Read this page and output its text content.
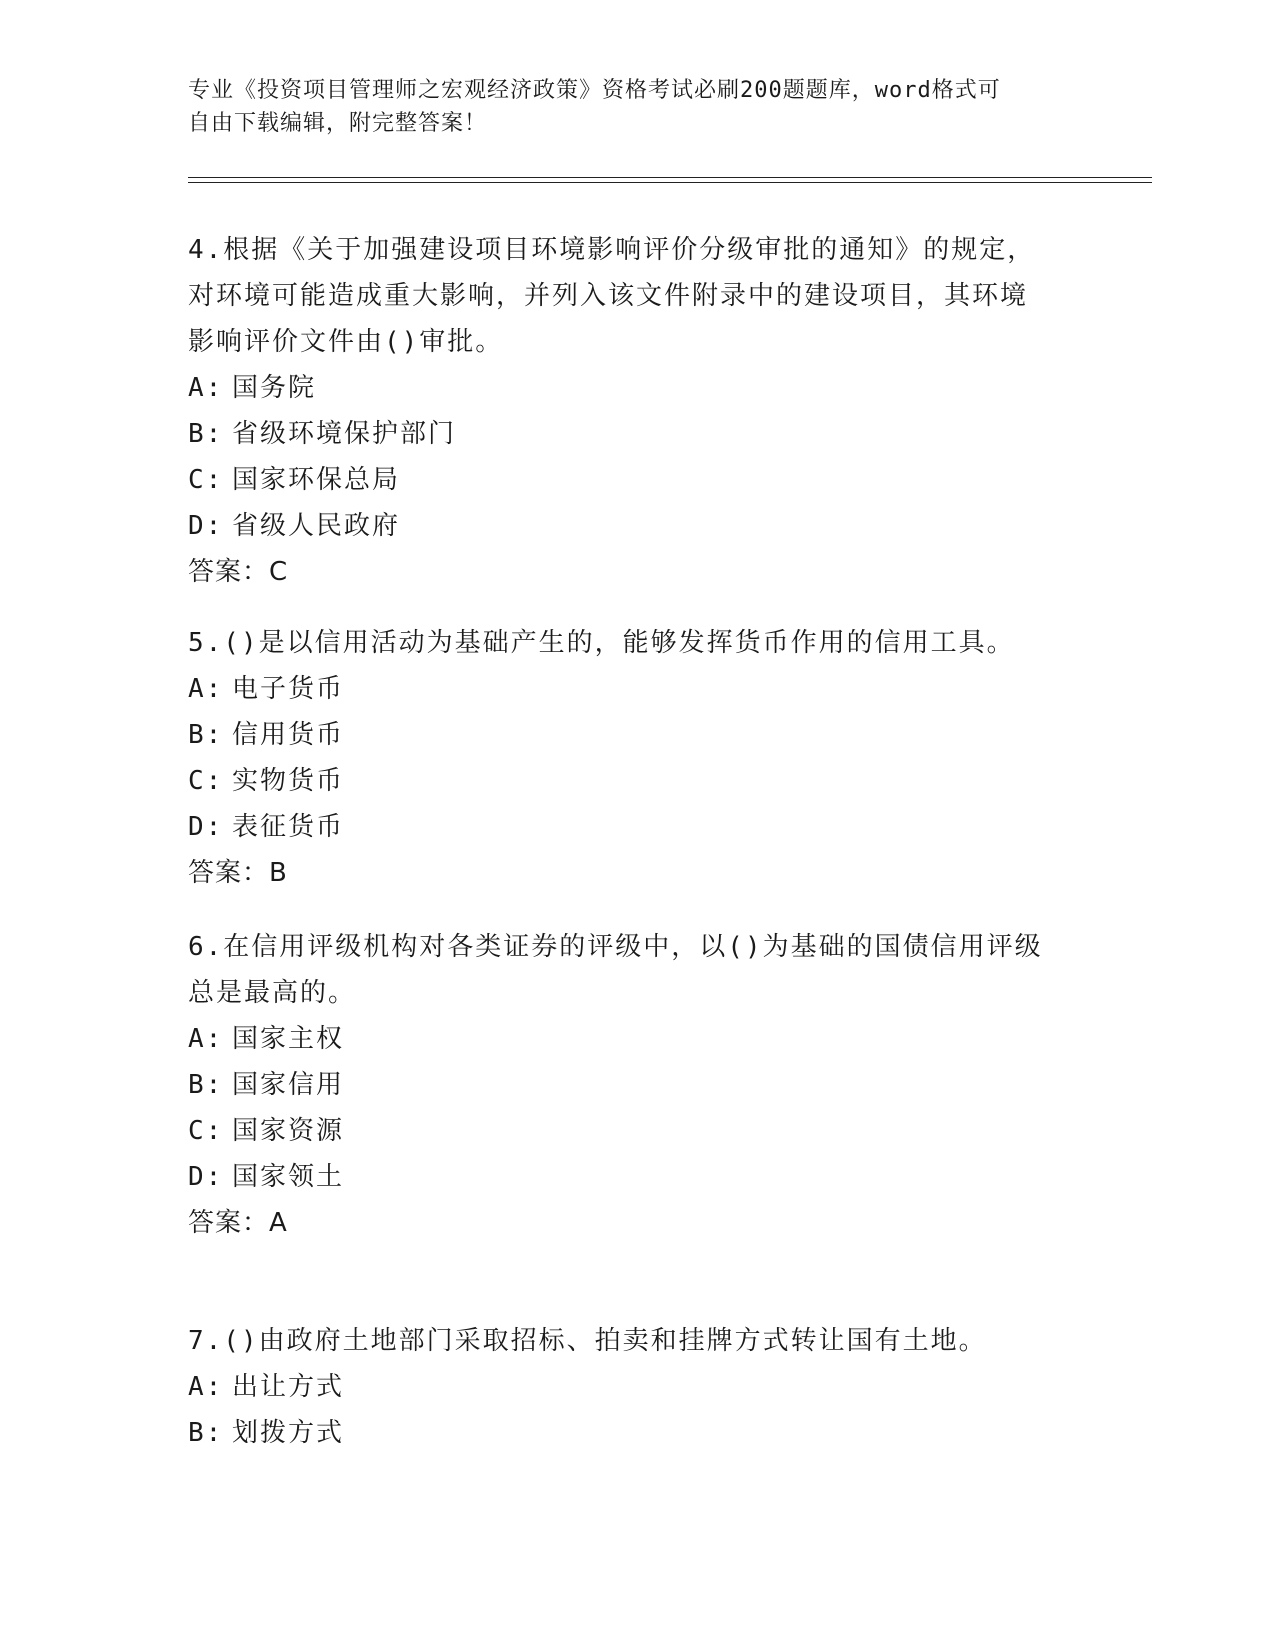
专业《投资项目管理师之宏观经济政策》资格考试必刷200题题库，word格式可
自由下载编辑，附完整答案！

4.根据《关于加强建设项目环境影响评价分级审批的通知》的规定，

对环境可能造成重大影响，并列入该文件附录中的建设项目，其环境

影响评价文件由()审批。

A: 国务院

B: 省级环境保护部门

C: 国家环保总局

D: 省级人民政府

答案：C

5.()是以信用活动为基础产生的，能够发挥货币作用的信用工具。

A: 电子货币

B: 信用货币

C: 实物货币

D: 表征货币

答案：B

6.在信用评级机构对各类证券的评级中，以()为基础的国债信用评级

总是最高的。

A: 国家主权

B: 国家信用

C: 国家资源

D: 国家领土

答案：A

7.()由政府土地部门采取招标、拍卖和挂牌方式转让国有土地。

A: 出让方式

B: 划拨方式
